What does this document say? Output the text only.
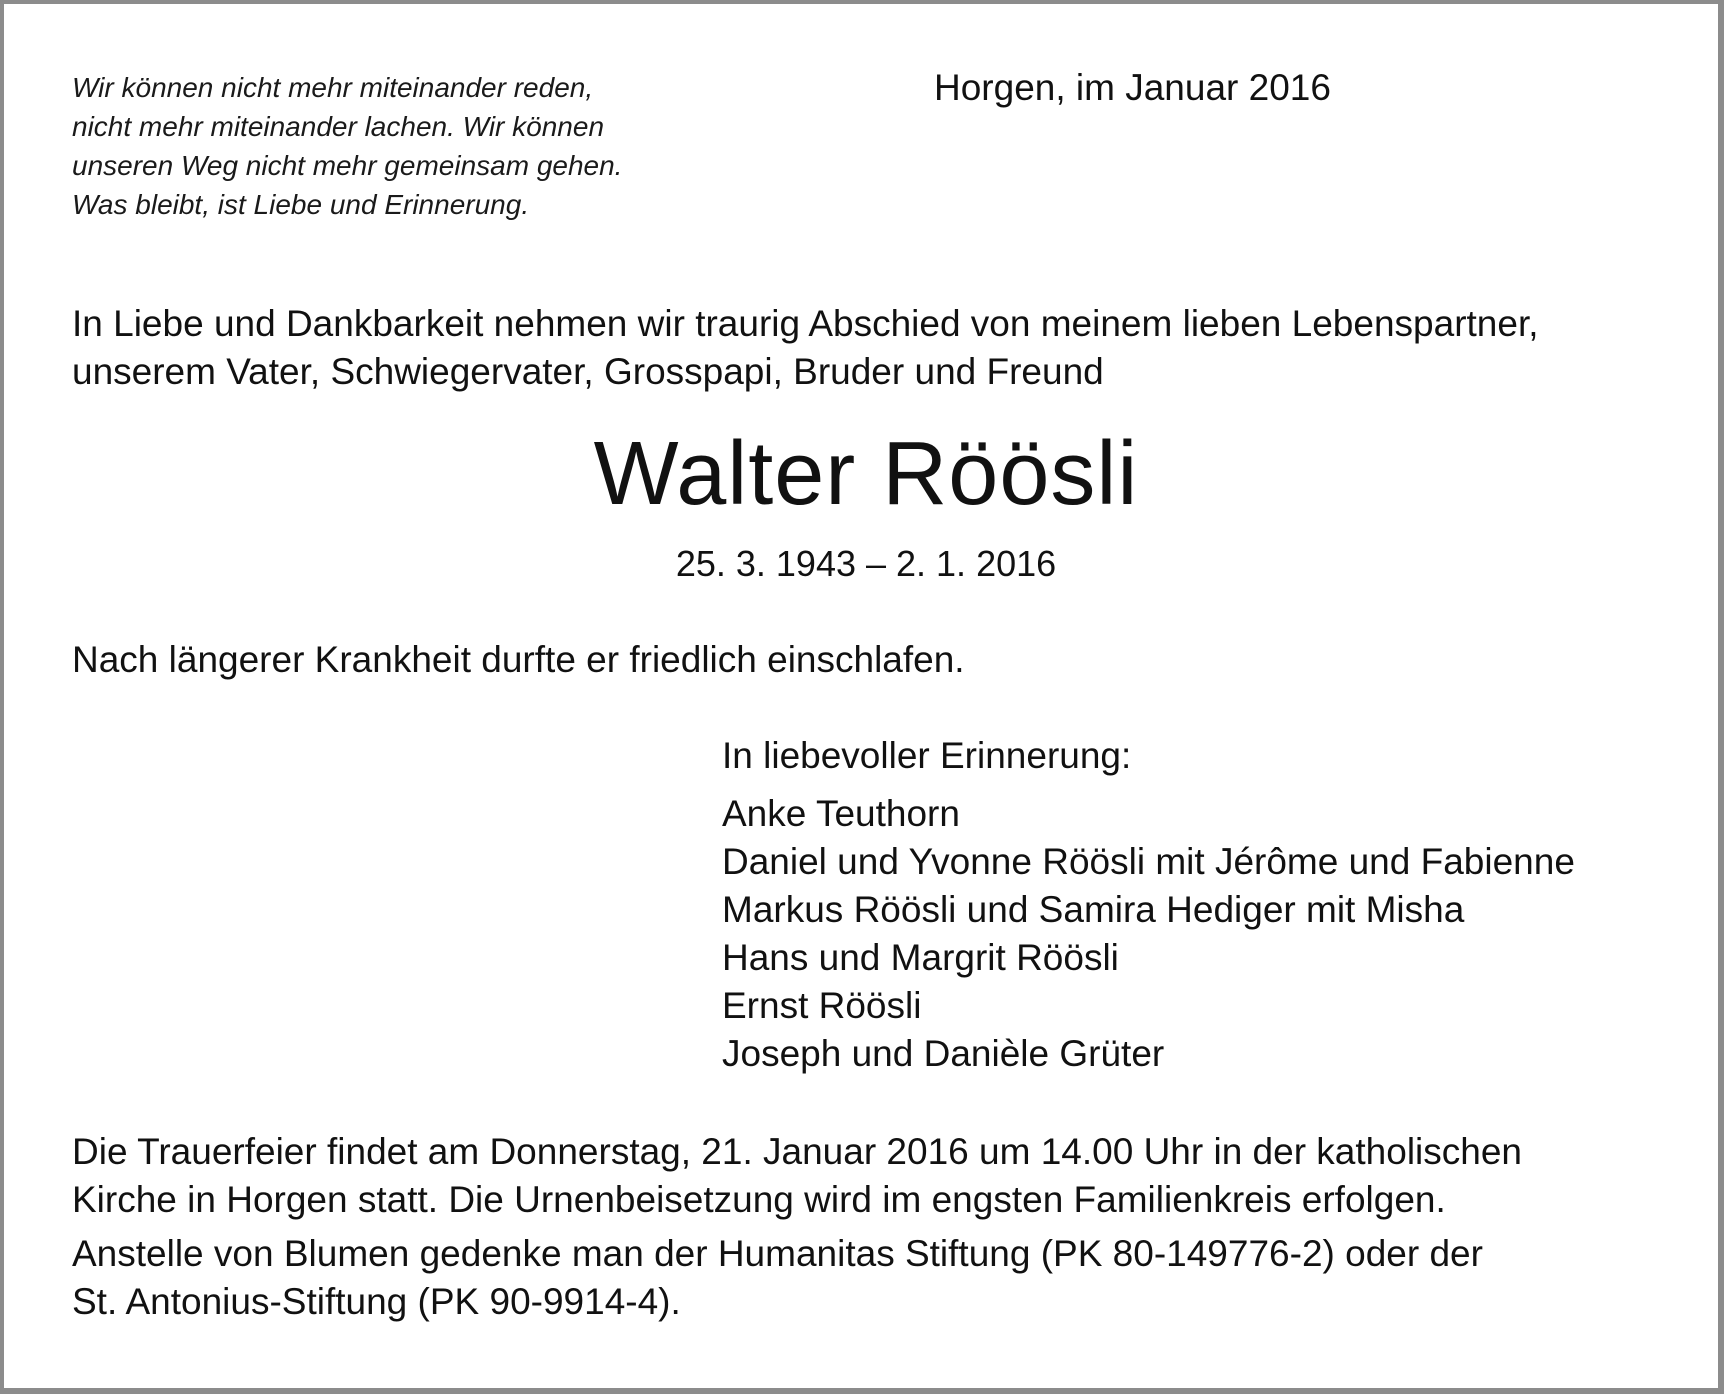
Wir können nicht mehr miteinander reden,
nicht mehr miteinander lachen. Wir können
unseren Weg nicht mehr gemeinsam gehen.
Was bleibt, ist Liebe und Erinnerung.
Horgen, im Januar 2016
In Liebe und Dankbarkeit nehmen wir traurig Abschied von meinem lieben Lebenspartner,
unserem Vater, Schwiegervater, Grosspapi, Bruder und Freund
Walter Röösli
25. 3. 1943 – 2. 1. 2016
Nach längerer Krankheit durfte er friedlich einschlafen.
In liebevoller Erinnerung:
Anke Teuthorn
Daniel und Yvonne Röösli mit Jérôme und Fabienne
Markus Röösli und Samira Hediger mit Misha
Hans und Margrit Röösli
Ernst Röösli
Joseph und Danièle Grüter
Die Trauerfeier findet am Donnerstag, 21. Januar 2016 um 14.00 Uhr in der katholischen
Kirche in Horgen statt. Die Urnenbeisetzung wird im engsten Familienkreis erfolgen.
Anstelle von Blumen gedenke man der Humanitas Stiftung (PK 80-149776-2) oder der
St. Antonius-Stiftung (PK 90-9914-4).
